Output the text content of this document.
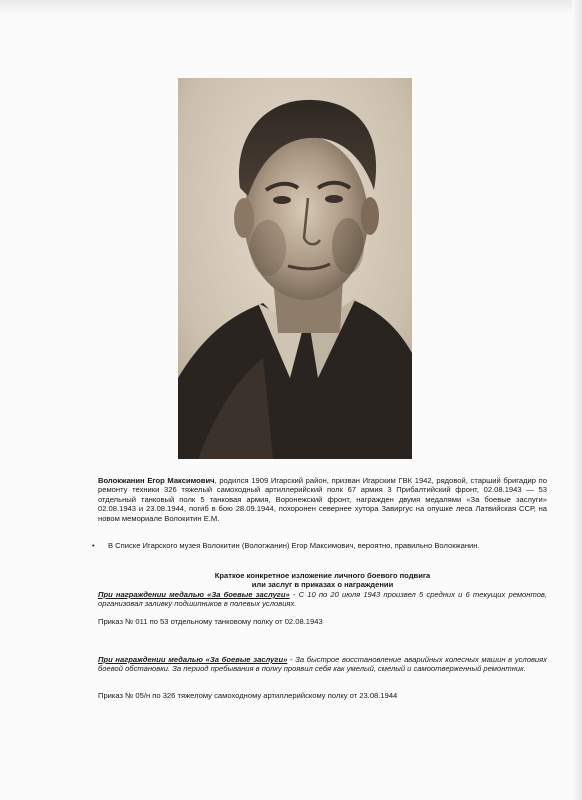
Волокжанин Егор Максимович, родился 1909 Игарский район, призван Игарским ГВК 1942, рядовой, старший бригадир по ремонту техники 326 тяжелый самоходный артиллерийский полк 67 армия 3 Прибалтийский фронт, 02.08.1943 — 53 отдельный танковый полк 5 танковая армия, Воронежский фронт, награжден двумя медалями «За боевые заслуги» 02.08.1943 и 23.08.1944, погиб в бою 28.09.1944, похоронен севернее хутора Завиргус на опушке леса Латвийская ССР, на новом мемориале Волокитин Е.М.
• В Списке Игарского музея Волокитин (Вологжанин) Егор Максимович, вероятно, правильно Волокжанин.
Краткое конкретное изложение личного боевого подвига
или заслуг в приказах о награждении
При награждении медалью «За боевые заслуги» - С 10 по 20 июля 1943 произвел 5 средних и 6 текущих ремонтов, организовал заливку подшипников в полевых условиях.
Приказ № 011 по 53 отдельному танковому полку от 02.08.1943
При награждении медалью «За боевые заслуги» - За быстрое восстановление аварийных колесных машин в условиях боевой обстановки. За период пребывания в полку проявил себя как умелый, смелый и самоотверженный ремонтник.
Приказ № 05/н по 326 тяжелому самоходному артиллерийскому полку от 23.08.1944
